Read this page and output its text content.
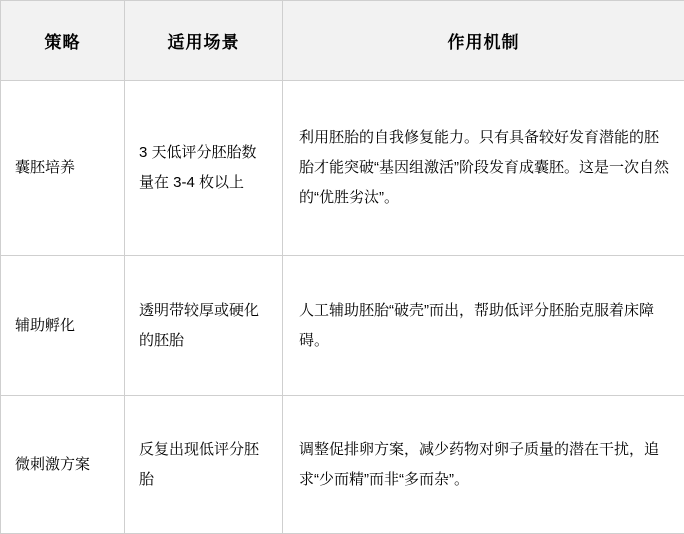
策略	适用场景	作用机制
囊胚培养	3 天低评分胚胎数量在 3-4 枚以上	利用胚胎的自我修复能力。只有具备较好发育潜能的胚胎才能突破“基因组激活”阶段发育成囊胚。这是一次自然的“优胜劣汰”。
辅助孵化	透明带较厚或硬化的胚胎	人工辅助胚胎“破壳”而出，帮助低评分胚胎克服着床障碍。
微刺激方案	反复出现低评分胚胎	调整促排卵方案，减少药物对卵子质量的潜在干扰，追求“少而精”而非“多而杂”。
